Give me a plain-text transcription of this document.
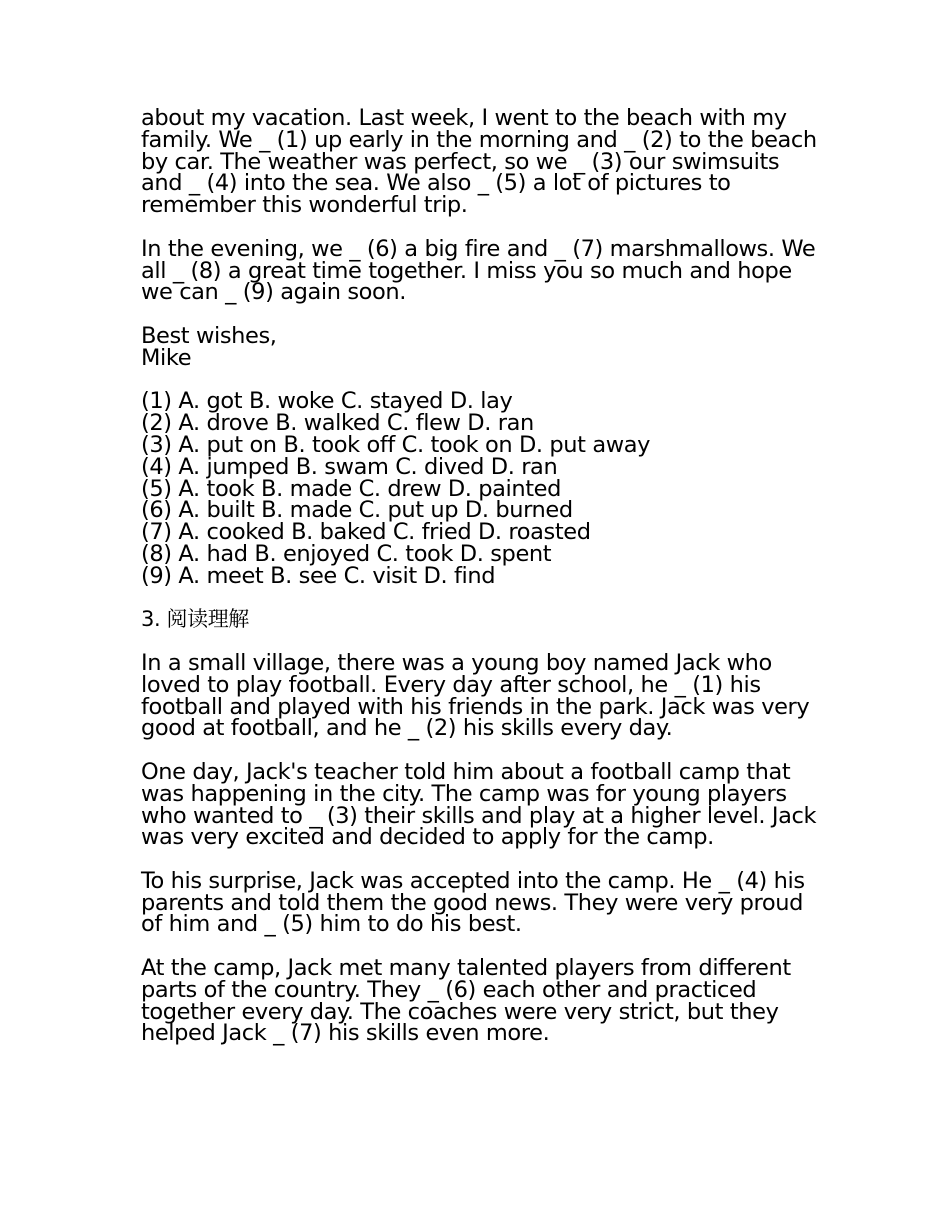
about my vacation. Last week, I went to the beach with my family. We _ (1) up early in the morning and _ (2) to the beach by car. The weather was perfect, so we _ (3) our swimsuits and _ (4) into the sea. We also _ (5) a lot of pictures to remember this wonderful trip.

In the evening, we _ (6) a big fire and _ (7) marshmallows. We all _ (8) a great time together. I miss you so much and hope we can _ (9) again soon.

Best wishes,
Mike

(1) A. got B. woke C. stayed D. lay
(2) A. drove B. walked C. flew D. ran
(3) A. put on B. took off C. took on D. put away
(4) A. jumped B. swam C. dived D. ran
(5) A. took B. made C. drew D. painted
(6) A. built B. made C. put up D. burned
(7) A. cooked B. baked C. fried D. roasted
(8) A. had B. enjoyed C. took D. spent
(9) A. meet B. see C. visit D. find

3. 阅读理解

In a small village, there was a young boy named Jack who loved to play football. Every day after school, he _ (1) his football and played with his friends in the park. Jack was very good at football, and he _ (2) his skills every day.

One day, Jack's teacher told him about a football camp that was happening in the city. The camp was for young players who wanted to _ (3) their skills and play at a higher level. Jack was very excited and decided to apply for the camp.

To his surprise, Jack was accepted into the camp. He _ (4) his parents and told them the good news. They were very proud of him and _ (5) him to do his best.

At the camp, Jack met many talented players from different parts of the country. They _ (6) each other and practiced together every day. The coaches were very strict, but they helped Jack _ (7) his skills even more.
